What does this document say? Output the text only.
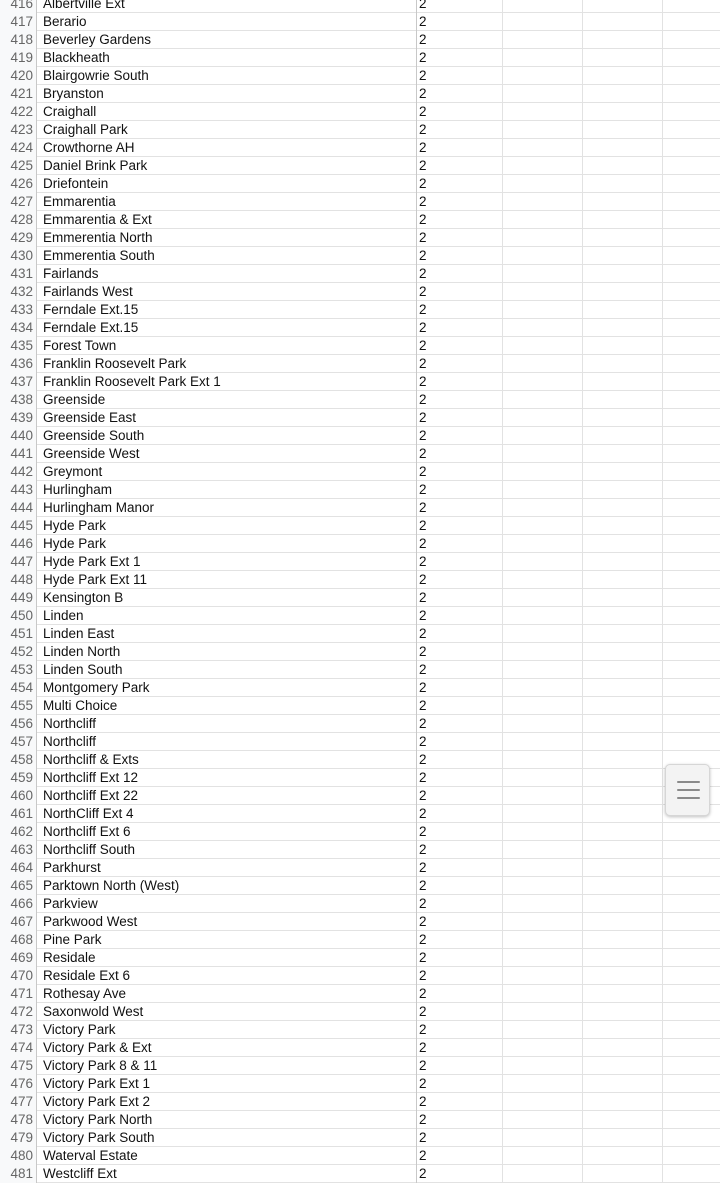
416 Albertville Ext	2
417 Berario	2
418 Beverley Gardens	2
419 Blackheath	2
420 Blairgowrie South	2
421 Bryanston	2
422 Craighall	2
423 Craighall Park	2
424 Crowthorne AH	2
425 Daniel Brink Park	2
426 Driefontein	2
427 Emmarentia	2
428 Emmarentia & Ext	2
429 Emmerentia North	2
430 Emmerentia South	2
431 Fairlands	2
432 Fairlands West	2
433 Ferndale Ext.15	2
434 Ferndale Ext.15	2
435 Forest Town	2
436 Franklin Roosevelt Park	2
437 Franklin Roosevelt Park Ext 1	2
438 Greenside	2
439 Greenside East	2
440 Greenside South	2
441 Greenside West	2
442 Greymont	2
443 Hurlingham	2
444 Hurlingham Manor	2
445 Hyde Park	2
446 Hyde Park	2
447 Hyde Park Ext 1	2
448 Hyde Park Ext 11	2
449 Kensington B	2
450 Linden	2
451 Linden East	2
452 Linden North	2
453 Linden South	2
454 Montgomery Park	2
455 Multi Choice	2
456 Northcliff	2
457 Northcliff	2
458 Northcliff & Exts	2
459 Northcliff Ext 12	2
460 Northcliff Ext 22	2
461 NorthCliff Ext 4	2
462 Northcliff Ext 6	2
463 Northcliff South	2
464 Parkhurst	2
465 Parktown North (West)	2
466 Parkview	2
467 Parkwood West	2
468 Pine Park	2
469 Residale	2
470 Residale Ext 6	2
471 Rothesay Ave	2
472 Saxonwold West	2
473 Victory Park	2
474 Victory Park & Ext	2
475 Victory Park 8 & 11	2
476 Victory Park Ext 1	2
477 Victory Park Ext 2	2
478 Victory Park North	2
479 Victory Park South	2
480 Waterval Estate	2
481 Westcliff Ext	2
